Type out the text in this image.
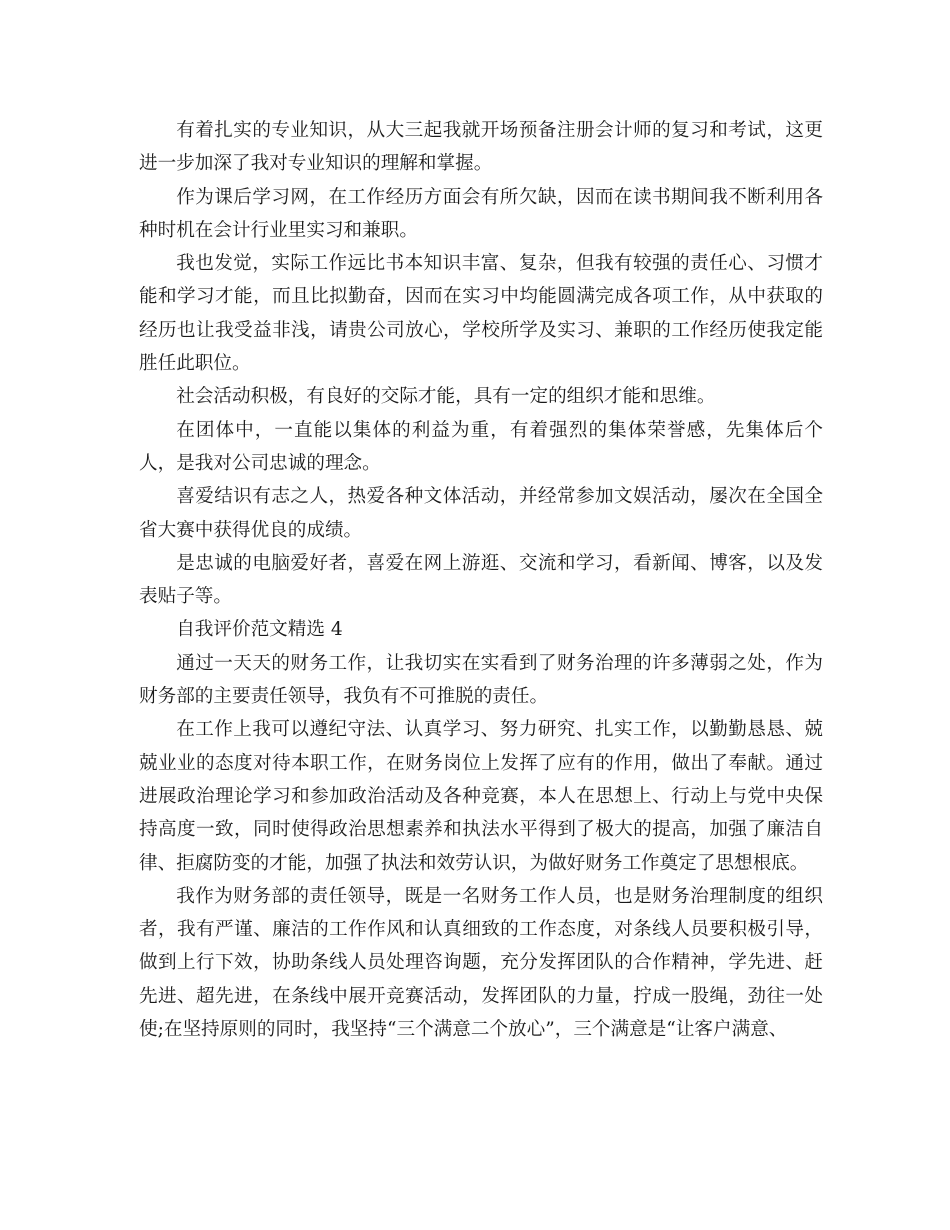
有着扎实的专业知识，从大三起我就开场预备注册会计师的复习和考试，这更进一步加深了我对专业知识的理解和掌握。

作为课后学习网，在工作经历方面会有所欠缺，因而在读书期间我不断利用各种时机在会计行业里实习和兼职。

我也发觉，实际工作远比书本知识丰富、复杂，但我有较强的责任心、习惯才能和学习才能，而且比拟勤奋，因而在实习中均能圆满完成各项工作，从中获取的经历也让我受益非浅，请贵公司放心，学校所学及实习、兼职的工作经历使我定能胜任此职位。

社会活动积极，有良好的交际才能，具有一定的组织才能和思维。

在团体中，一直能以集体的利益为重，有着强烈的集体荣誉感，先集体后个人，是我对公司忠诚的理念。

喜爱结识有志之人，热爱各种文体活动，并经常参加文娱活动，屡次在全国全省大赛中获得优良的成绩。

是忠诚的电脑爱好者，喜爱在网上游逛、交流和学习，看新闻、博客，以及发表贴子等。

自我评价范文精选 4

通过一天天的财务工作，让我切实在实看到了财务治理的许多薄弱之处，作为财务部的主要责任领导，我负有不可推脱的责任。

在工作上我可以遵纪守法、认真学习、努力研究、扎实工作，以勤勤恳恳、兢兢业业的态度对待本职工作，在财务岗位上发挥了应有的作用，做出了奉献。通过进展政治理论学习和参加政治活动及各种竞赛，本人在思想上、行动上与党中央保持高度一致，同时使得政治思想素养和执法水平得到了极大的提高，加强了廉洁自律、拒腐防变的才能，加强了执法和效劳认识，为做好财务工作奠定了思想根底。

我作为财务部的责任领导，既是一名财务工作人员，也是财务治理制度的组织者，我有严谨、廉洁的工作作风和认真细致的工作态度，对条线人员要积极引导，做到上行下效，协助条线人员处理咨询题，充分发挥团队的合作精神，学先进、赶先进、超先进，在条线中展开竞赛活动，发挥团队的力量，拧成一股绳，劲往一处使;在坚持原则的同时，我坚持“三个满意二个放心”，三个满意是“让客户满意、
